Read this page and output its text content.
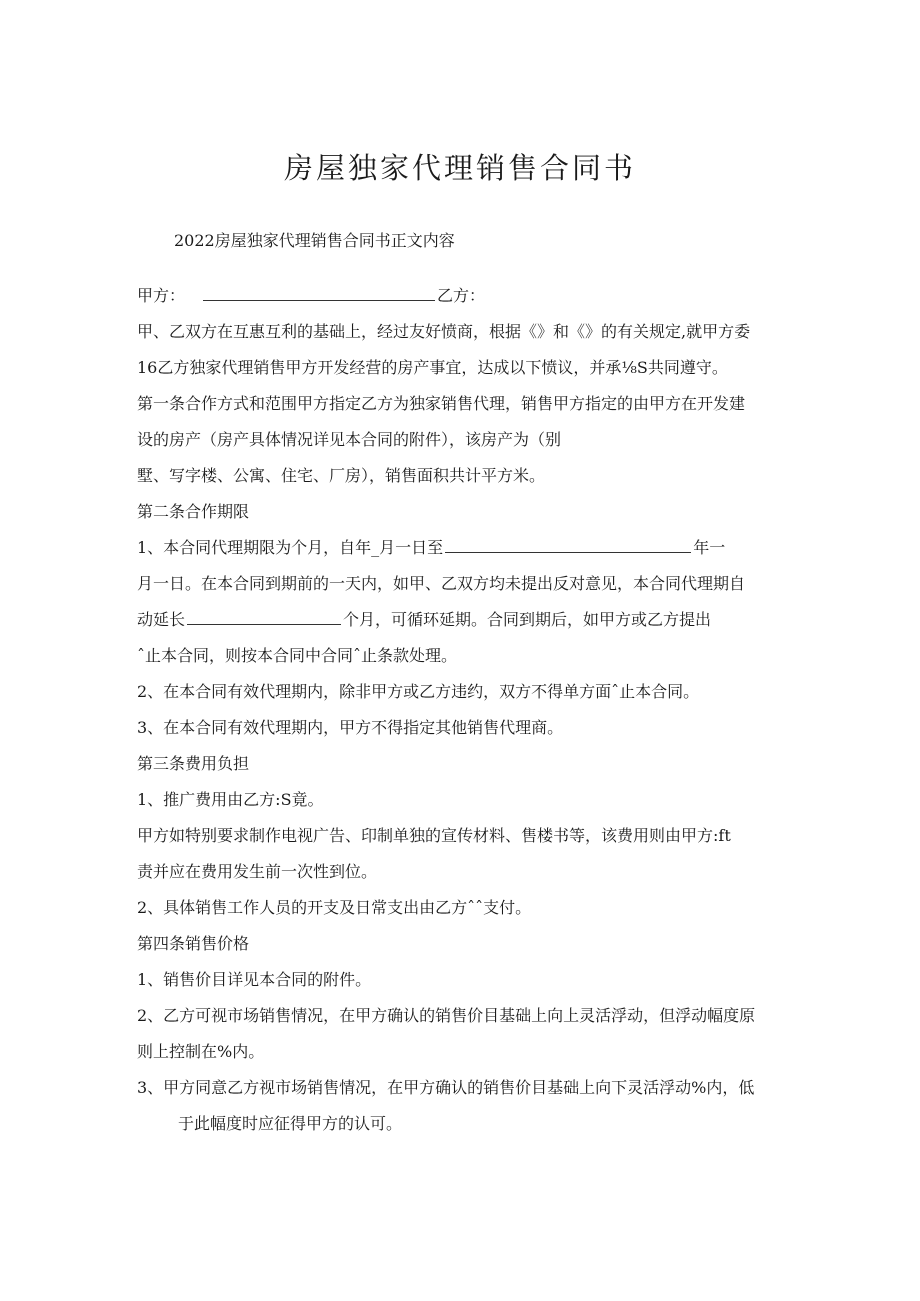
房屋独家代理销售合同书
2022房屋独家代理销售合同书正文内容
甲方：	乙方：
甲、乙双方在互惠互利的基础上，经过友好愤商，根据《》和《》的有关规定,就甲方委
16乙方独家代理销售甲方开发经营的房产事宜，达成以下愤议，并承⅛S共同遵守。
第一条合作方式和范围甲方指定乙方为独家销售代理，销售甲方指定的由甲方在开发建
设的房产（房产具体情况详见本合同的附件），该房产为（别
墅、写字楼、公寓、住宅、厂房），销售面积共计平方米。
第二条合作期限
1、本合同代理期限为个月，自年_月一日至	年一
月一日。在本合同到期前的一天内，如甲、乙双方均未提出反对意见，本合同代理期自
动延长	个月，可循环延期。合同到期后，如甲方或乙方提出
ˆ止本合同，则按本合同中合同ˆ止条款处理。
2、在本合同有效代理期内，除非甲方或乙方违约，双方不得单方面ˆ止本合同。
3、在本合同有效代理期内，甲方不得指定其他销售代理商。
第三条费用负担
1、推广费用由乙方:S竟。
甲方如特别要求制作电视广告、印制单独的宣传材料、售楼书等，该费用则由甲方:ft
责并应在费用发生前一次性到位。
2、具体销售工作人员的开支及日常支出由乙方ˆˆ支付。
第四条销售价格
1、销售价目详见本合同的附件。
2、乙方可视市场销售情况，在甲方确认的销售价目基础上向上灵活浮动，但浮动幅度原
则上控制在%内。
3、甲方同意乙方视市场销售情况，在甲方确认的销售价目基础上向下灵活浮动%内，低
于此幅度时应征得甲方的认可。
